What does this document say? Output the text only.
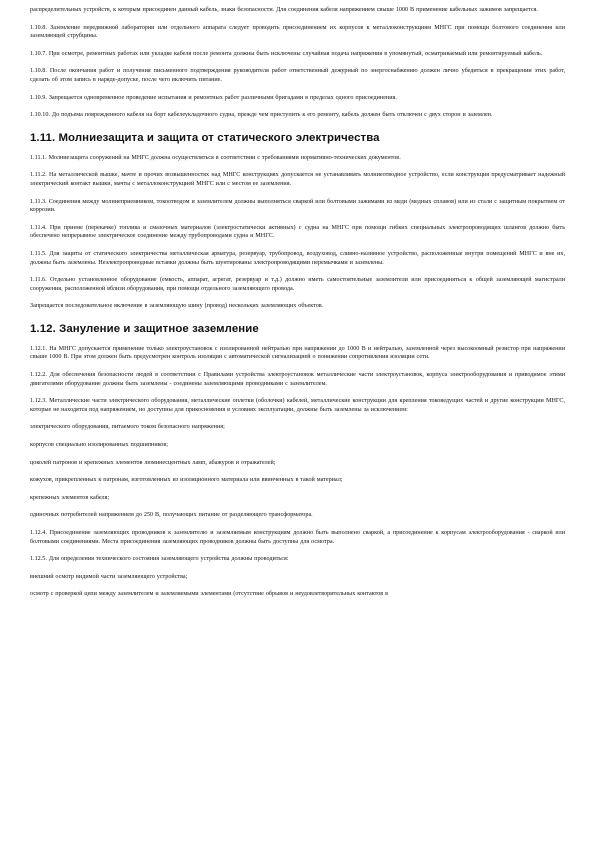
распределительных устройств, к которым присоединен данный кабель, знаки безопасности. Для соединения кабеля напряжением свыше 1000 В применение кабельных зажимов запрещается.

1.10.8. Заземление передвижной лаборатории или отдельного аппарата следует проводить присоединением их корпусов к металлоконструкциям МНГС при помощи болтового соединения или заземляющей струбцины.

1.10.7. При осмотре, ремонтных работах или укладке кабеля после ремонта должны быть исключены случайная подача напряжения в упомянутый, осматриваемый или ремонтируемый кабель.

1.10.8. После окончания работ и получения письменного подтверждения руководителя работ ответственный дежурный по энергоснабжению должен лично убедиться в прекращении этих работ, сделать об этом запись в наряде-допуске, после чего включить питание.

1.10.9. Запрещается одновременное проведение испытания и ремонтных работ различными бригадами в пределах одного присоединения.

1.10.10. До подъема поврежденного кабеля на борт кабелеукладочного судна, прежде чем приступить к его ремонту, кабель должен быть отключен с двух сторон и заземлен.

1.11. Молниезащита и защита от статического электричества

1.11.1. Молниезащита сооружений на МНГС должна осуществляться в соответствии с требованиями нормативно-технических документов.

1.11.2. На металлической вышке, мачте и прочих возвышенностях над МНГС конструкциях допускается не устанавливать молниеотводное устройство, если конструкция предусматривает надежный электрический контакт вышки, мачты с металлоконструкцией МНГС или с местом ее заземления.

1.11.3. Соединения между молниеприемником, токоотводом и заземлителем должны выполняться сваркой или болтовыми зажимами из меди (медных сплавов) или из стали с защитным покрытием от коррозии.

1.11.4. При приеме (перекачке) топлива и смазочных материалов (электростатически активных) с судна на МНГС при помощи гибких специальных электропроводящих шлангов должно быть обеспечено непрерывное электрическое соединение между трубопроводами судна и МНГС.

1.11.5. Для защиты от статического электричества металлическая арматура, резервуар, трубопровод, воздуховод, сливно-наливное устройство, расположенные внутри помещений МНГС и вне их, должны быть заземлены. Неэлектропроводные вставки должны быть шунтированы электропроводящими перемычками и заземлены.

1.11.6. Отдельно установленное оборудование (емкость, аппарат, агрегат, резервуар и т.д.) должно иметь самостоятельные заземлители или присоединяться к общей заземляющей магистрали сооружения, расположенной вблизи оборудования, при помощи отдельного заземляющего провода.

Запрещается последовательное включение в заземляющую шину (провод) нескольких заземляющих объектов.

1.12. Зануление и защитное заземление

1.12.1. На МНГС допускается применение только электроустановок с изолированной нейтралью при напряжении до 1000 В и нейтралью, заземленной через высокоомный резистор при напряжении свыше 1000 В. При этом должен быть предусмотрен контроль изоляции с автоматической сигнализацией о понижении сопротивления изоляции сети.

1.12.2. Для обеспечения безопасности людей в соответствии с Правилами устройства электроустановок металлические части электроустановок, корпуса электрооборудования и приводимое этими двигателями оборудование должны быть заземлены - соединены заземляющими проводниками с заземлителем.

1.12.3. Металлические части электрического оборудования, металлические оплетки (оболочки) кабелей, металлические конструкции для крепления токоведущих частей и другие конструкции МНГС, которые не находятся под напряжением, но доступны для прикосновения в условиях эксплуатации, должны быть заземлены за исключением:

электрического оборудования, питаемого током безопасного напряжения;

корпусов специально изолированных подшипников;

цоколей патронов и крепежных элементов люминесцентных ламп, абажуров и отражателей;

кожухов, прикрепленных к патронам, изготовленных из изоляционного материала или ввинченных в такой материал;

крепежных элементов кабеля;

одиночных потребителей напряжением до 250 В, получающих питание от разделяющего трансформатора.

1.12.4. Присоединение заземляющих проводников к заземлителю и заземляемым конструкциям должно быть выполнено сваркой, а присоединение к корпусам электрооборудования - сваркой или болтовыми соединениями. Места присоединения заземляющих проводников должны быть доступны для осмотра.

1.12.5. Для определения технического состояния заземляющего устройства должны проводиться:

внешний осмотр видимой части заземляющего устройства;

осмотр с проверкой цепи между заземлителем и заземляемыми элементами (отсутствие обрывов и неудовлетворительных контактов в
